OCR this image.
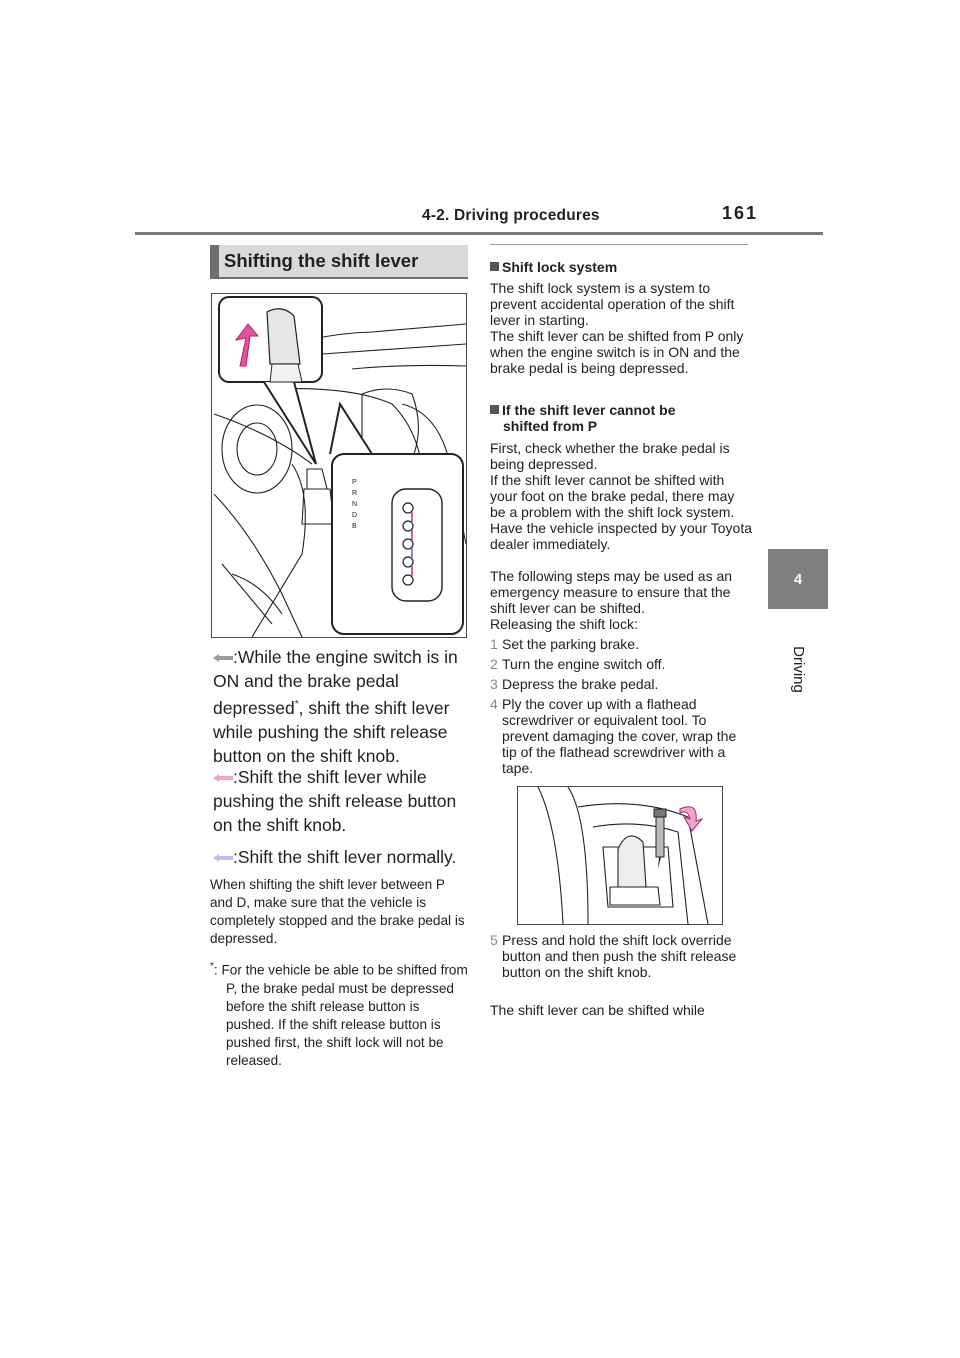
4-2. Driving procedures	161
4
Driving
Shifting the shift lever
P
R
N
D
B
:While the engine switch is in ON and the brake pedal depressed*, shift the shift lever while pushing the shift release button on the shift knob.
:Shift the shift lever while pushing the shift release button on the shift knob.
:Shift the shift lever normally.
When shifting the shift lever between P and D, make sure that the vehicle is completely stopped and the brake pedal is depressed.
*: For the vehicle be able to be shifted from P, the brake pedal must be depressed before the shift release button is pushed. If the shift release button is pushed first, the shift lock will not be released.
Shift lock system
The shift lock system is a system to prevent accidental operation of the shift lever in starting.
The shift lever can be shifted from P only when the engine switch is in ON and the brake pedal is being depressed.
If the shift lever cannot be
shifted from P
First, check whether the brake pedal is being depressed.
If the shift lever cannot be shifted with your foot on the brake pedal, there may be a problem with the shift lock system. Have the vehicle inspected by your Toyota dealer immediately.
The following steps may be used as an emergency measure to ensure that the shift lever can be shifted.
Releasing the shift lock:
1 Set the parking brake.
2 Turn the engine switch off.
3 Depress the brake pedal.
4 Ply the cover up with a flathead screwdriver or equivalent tool. To prevent damaging the cover, wrap the tip of the flathead screwdriver with a tape.
5 Press and hold the shift lock override button and then push the shift release button on the shift knob.
The shift lever can be shifted while
